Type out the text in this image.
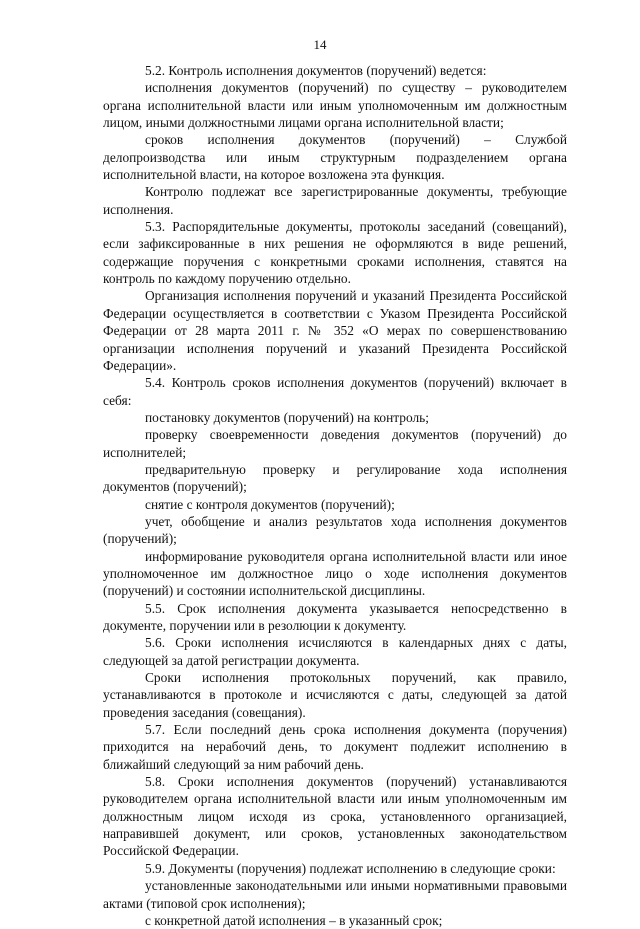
14

5.2. Контроль исполнения документов (поручений) ведется:

исполнения документов (поручений) по существу – руководителем органа исполнительной власти или иным уполномоченным им должностным лицом, иными должностными лицами органа исполнительной власти;

сроков исполнения документов (поручений) – Службой делопроизводства или иным структурным подразделением органа исполнительной власти, на которое возложена эта функция.

Контролю подлежат все зарегистрированные документы, требующие исполнения.

5.3. Распорядительные документы, протоколы заседаний (совещаний), если зафиксированные в них решения не оформляются в виде решений, содержащие поручения с конкретными сроками исполнения, ставятся на контроль по каждому поручению отдельно.

Организация исполнения поручений и указаний Президента Российской Федерации осуществляется в соответствии с Указом Президента Российской Федерации от 28 марта 2011 г. № 352 «О мерах по совершенствованию организации исполнения поручений и указаний Президента Российской Федерации».

5.4. Контроль сроков исполнения документов (поручений) включает в себя:

постановку документов (поручений) на контроль;

проверку своевременности доведения документов (поручений) до исполнителей;

предварительную проверку и регулирование хода исполнения документов (поручений);

снятие с контроля документов (поручений);

учет, обобщение и анализ результатов хода исполнения документов (поручений);

информирование руководителя органа исполнительной власти или иное уполномоченное им должностное лицо о ходе исполнения документов (поручений) и состоянии исполнительской дисциплины.

5.5. Срок исполнения документа указывается непосредственно в документе, поручении или в резолюции к документу.

5.6. Сроки исполнения исчисляются в календарных днях с даты, следующей за датой регистрации документа.

Сроки исполнения протокольных поручений, как правило, устанавливаются в протоколе и исчисляются с даты, следующей за датой проведения заседания (совещания).

5.7. Если последний день срока исполнения документа (поручения) приходится на нерабочий день, то документ подлежит исполнению в ближайший следующий за ним рабочий день.

5.8. Сроки исполнения документов (поручений) устанавливаются руководителем органа исполнительной власти или иным уполномоченным им должностным лицом исходя из срока, установленного организацией, направившей документ, или сроков, установленных законодательством Российской Федерации.

5.9. Документы (поручения) подлежат исполнению в следующие сроки:

установленные законодательными или иными нормативными правовыми актами (типовой срок исполнения);

с конкретной датой исполнения – в указанный срок;
